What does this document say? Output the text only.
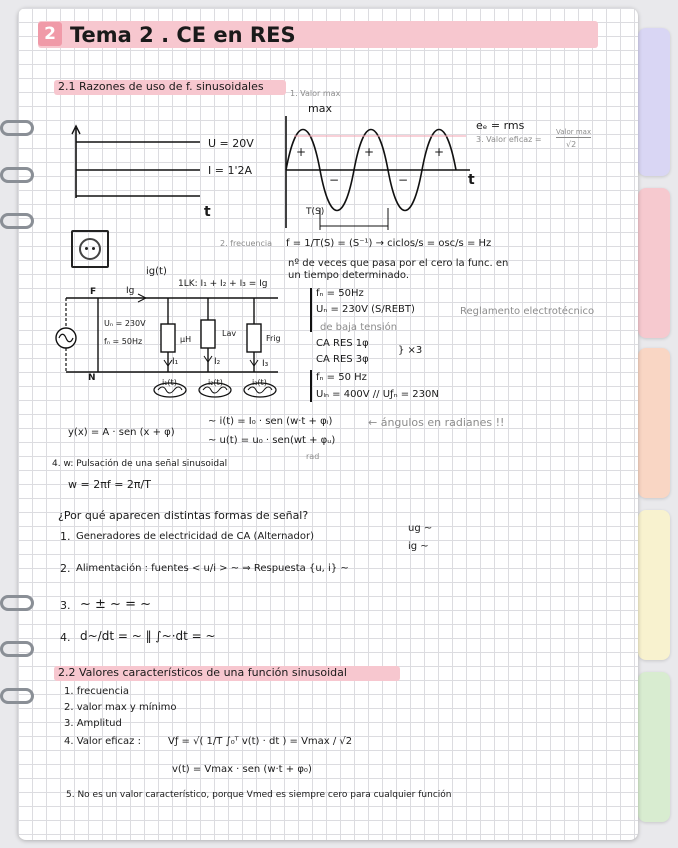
2 Tema 2 . CE en RES
2.1 Razones de uso de f. sinusoidales
U = 20V
I = 1'2A
t
1. Valor max
max
+	+	+
−	−	t
T(S)
eₑ = rms
3. Valor eficaz =
Valor max
√2
2. frecuencia f = 1/T(S) = (S⁻¹) → ciclos/s = osc/s = Hz
nº de veces que pasa por el cero la func. en
un tiempo determinado.
ig(t)
1LK: I₁ + I₂ + I₃ = Ig
F
N
Ig
Uₙ = 230V
fₙ = 50Hz	μH
Lav
Frig
I₁	I₂	I₃
i₁(t)	i₂(t)	i₃(t)
fₙ = 50Hz
Uₙ = 230V (S/REBT)	Reglamento electrotécnico
de baja tensión
CA RES 1φ
CA RES 3φ
} ×3
fₙ = 50 Hz
Uₗₙ = 400V // Uƒₙ = 230N
y(x) = A · sen (x + φ)
~ i(t) = I₀ · sen (w·t + φᵢ)
~ u(t) = u₀ · sen(wt + φᵤ)
← ángulos en radianes !!
rad
4. w: Pulsación de una señal sinusoidal
w = 2πf = 2π/T
¿Por qué aparecen distintas formas de señal?
1. Generadores de electricidad de CA (Alternador)
ug ~
ig ~
2. Alimentación : fuentes < u/i > ~ ⇒ Respuesta {u, i} ~
3. ~ ± ~ = ~
4. d~/dt = ~ ‖ ∫~·dt = ~
2.2 Valores característicos de una función sinusoidal
1. frecuencia
2. valor max y mínimo
3. Amplitud
4. Valor eficaz :	Vƒ = √( 1/T ∫₀ᵀ v(t) · dt ) = Vmax / √2
v(t) = Vmax · sen (w·t + φ₀)
5. No es un valor característico, porque Vmed es siempre cero para cualquier función
